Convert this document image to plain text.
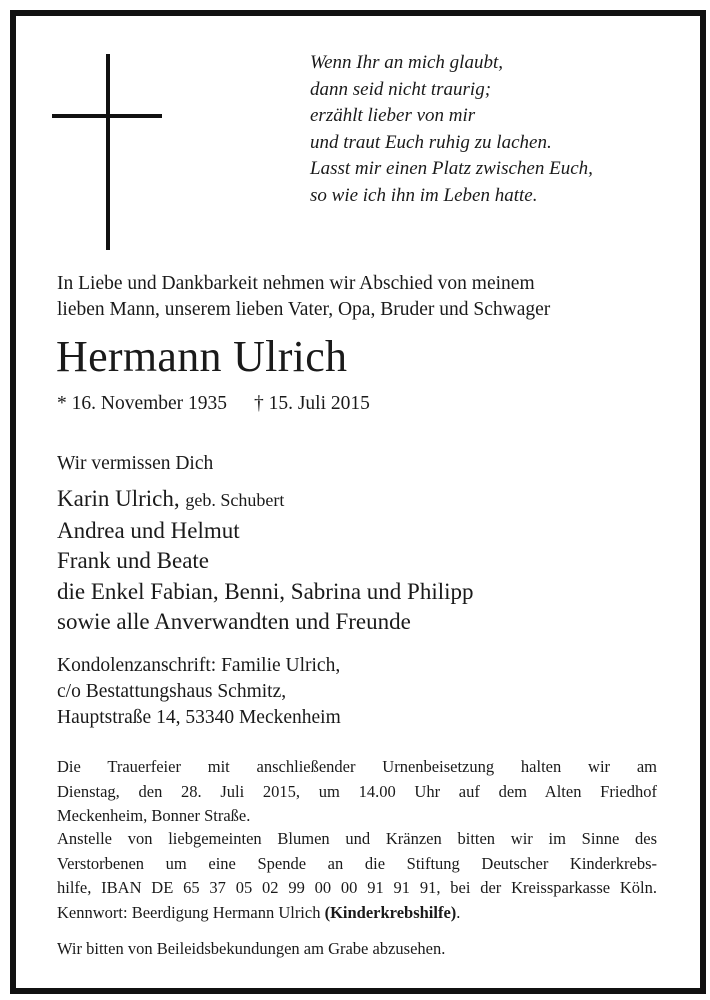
Wenn Ihr an mich glaubt,
dann seid nicht traurig;
erzählt lieber von mir
und traut Euch ruhig zu lachen.
Lasst mir einen Platz zwischen Euch,
so wie ich ihn im Leben hatte.
In Liebe und Dankbarkeit nehmen wir Abschied von meinem
lieben Mann, unserem lieben Vater, Opa, Bruder und Schwager
Hermann Ulrich
* 16. November 1935 † 15. Juli 2015
Wir vermissen Dich
Karin Ulrich, geb. Schubert
Andrea und Helmut
Frank und Beate
die Enkel Fabian, Benni, Sabrina und Philipp
sowie alle Anverwandten und Freunde
Kondolenzanschrift: Familie Ulrich,
c/o Bestattungshaus Schmitz,
Hauptstraße 14, 53340 Meckenheim
Die Trauerfeier mit anschließender Urnenbeisetzung halten wir am
Dienstag, den 28. Juli 2015, um 14.00 Uhr auf dem Alten Friedhof
Meckenheim, Bonner Straße.
Anstelle von liebgemeinten Blumen und Kränzen bitten wir im Sinne des
Verstorbenen um eine Spende an die Stiftung Deutscher Kinderkrebs-
hilfe, IBAN DE 65 37 05 02 99 00 00 91 91 91, bei der Kreissparkasse Köln.
Kennwort: Beerdigung Hermann Ulrich (Kinderkrebshilfe).
Wir bitten von Beileidsbekundungen am Grabe abzusehen.
